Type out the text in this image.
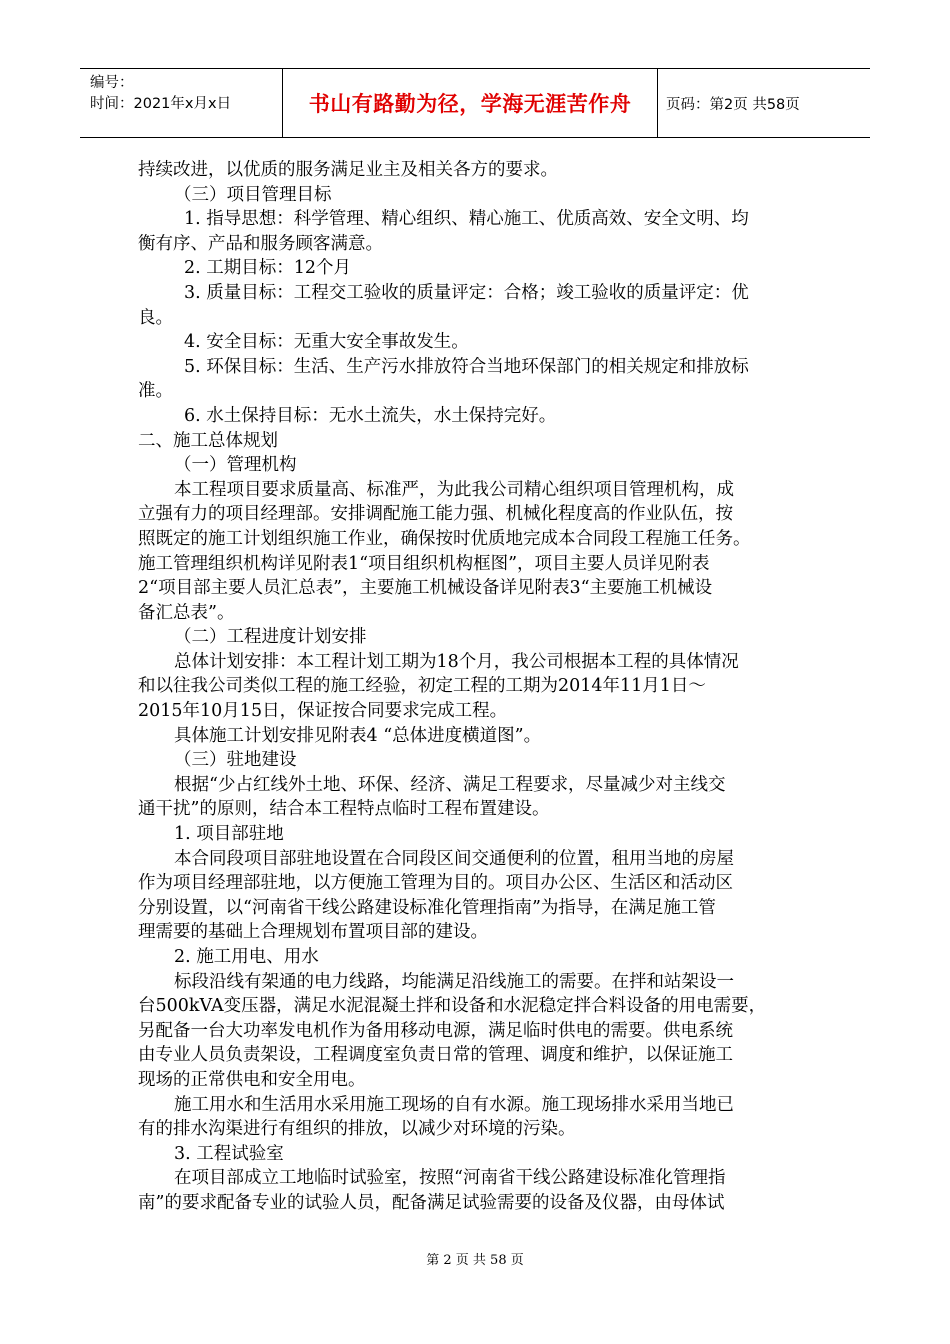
编号：
时间：2021年x月x日	书山有路勤为径，学海无涯苦作舟 页码：第2页 共58页
持续改进，以优质的服务满足业主及相关各方的要求。
（三）项目管理目标
1. 指导思想：科学管理、精心组织、精心施工、优质高效、安全文明、均
衡有序、产品和服务顾客满意。
2. 工期目标：12个月
3. 质量目标：工程交工验收的质量评定：合格；竣工验收的质量评定：优
良。
4. 安全目标：无重大安全事故发生。
5. 环保目标：生活、生产污水排放符合当地环保部门的相关规定和排放标
准。
6. 水土保持目标：无水土流失，水土保持完好。
二、施工总体规划
（一）管理机构
本工程项目要求质量高、标准严，为此我公司精心组织项目管理机构，成
立强有力的项目经理部。安排调配施工能力强、机械化程度高的作业队伍，按
照既定的施工计划组织施工作业，确保按时优质地完成本合同段工程施工任务。
施工管理组织机构详见附表1“项目组织机构框图”，项目主要人员详见附表
2“项目部主要人员汇总表”，主要施工机械设备详见附表3“主要施工机械设
备汇总表”。
（二）工程进度计划安排
总体计划安排：本工程计划工期为18个月，我公司根据本工程的具体情况
和以往我公司类似工程的施工经验，初定工程的工期为2014年11月1日～
2015年10月15日，保证按合同要求完成工程。
具体施工计划安排见附表4 “总体进度横道图”。
（三）驻地建设
根据“少占红线外土地、环保、经济、满足工程要求，尽量减少对主线交
通干扰”的原则，结合本工程特点临时工程布置建设。
1. 项目部驻地
本合同段项目部驻地设置在合同段区间交通便利的位置，租用当地的房屋
作为项目经理部驻地，以方便施工管理为目的。项目办公区、生活区和活动区
分别设置，以“河南省干线公路建设标准化管理指南”为指导，在满足施工管
理需要的基础上合理规划布置项目部的建设。
2. 施工用电、用水
标段沿线有架通的电力线路，均能满足沿线施工的需要。在拌和站架设一
台500kVA变压器，满足水泥混凝土拌和设备和水泥稳定拌合料设备的用电需要，
另配备一台大功率发电机作为备用移动电源，满足临时供电的需要。供电系统
由专业人员负责架设，工程调度室负责日常的管理、调度和维护，以保证施工
现场的正常供电和安全用电。
施工用水和生活用水采用施工现场的自有水源。施工现场排水采用当地已
有的排水沟渠进行有组织的排放，以减少对环境的污染。
3. 工程试验室
在项目部成立工地临时试验室，按照“河南省干线公路建设标准化管理指
南”的要求配备专业的试验人员，配备满足试验需要的设备及仪器，由母体试
第 2 页 共 58 页
